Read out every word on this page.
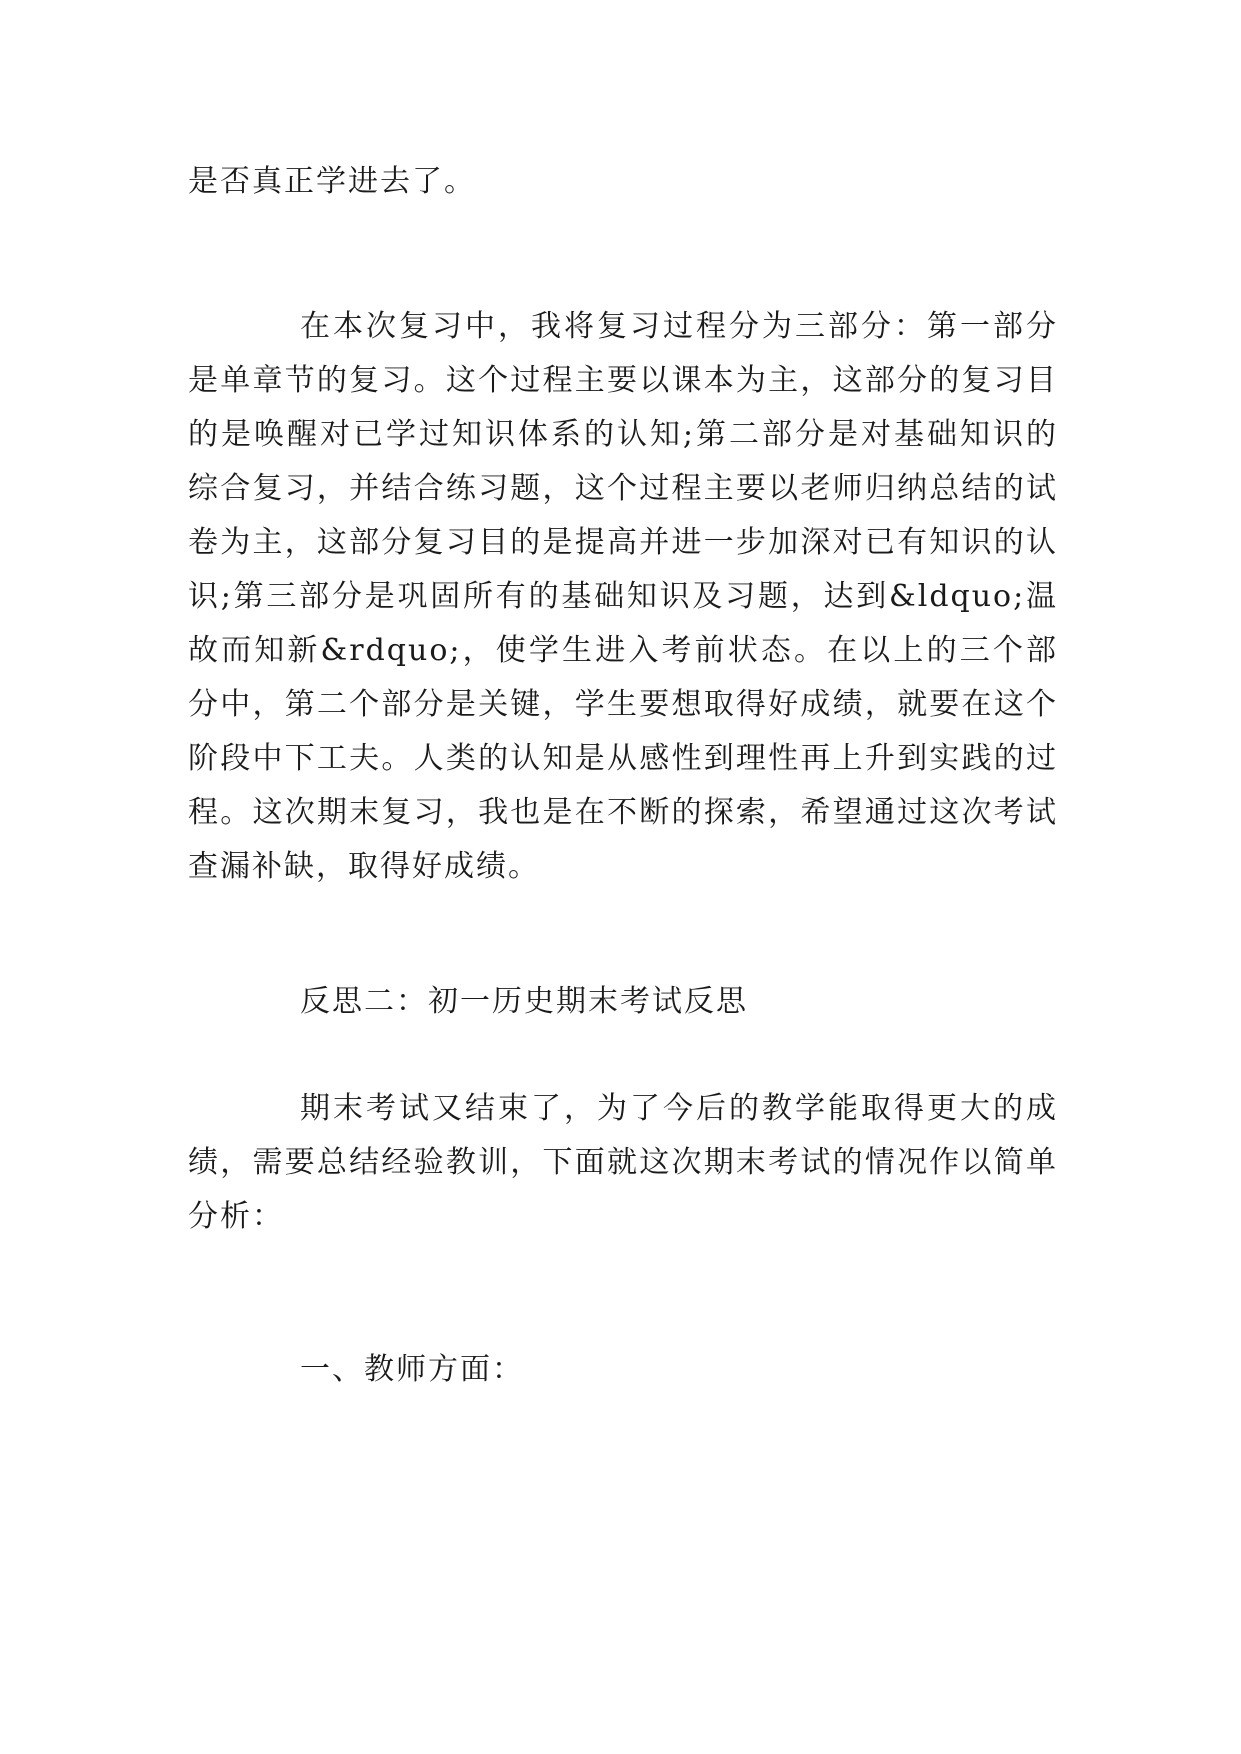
是否真正学进去了。

在本次复习中，我将复习过程分为三部分：第一部分是单章节的复习。这个过程主要以课本为主，这部分的复习目的是唤醒对已学过知识体系的认知;第二部分是对基础知识的综合复习，并结合练习题，这个过程主要以老师归纳总结的试卷为主，这部分复习目的是提高并进一步加深对已有知识的认识;第三部分是巩固所有的基础知识及习题，达到&ldquo;温故而知新&rdquo;，使学生进入考前状态。在以上的三个部分中，第二个部分是关键，学生要想取得好成绩，就要在这个阶段中下工夫。人类的认知是从感性到理性再上升到实践的过程。这次期末复习，我也是在不断的探索，希望通过这次考试查漏补缺，取得好成绩。

反思二：初一历史期末考试反思

期末考试又结束了，为了今后的教学能取得更大的成绩，需要总结经验教训，下面就这次期末考试的情况作以简单分析：

一、教师方面：
